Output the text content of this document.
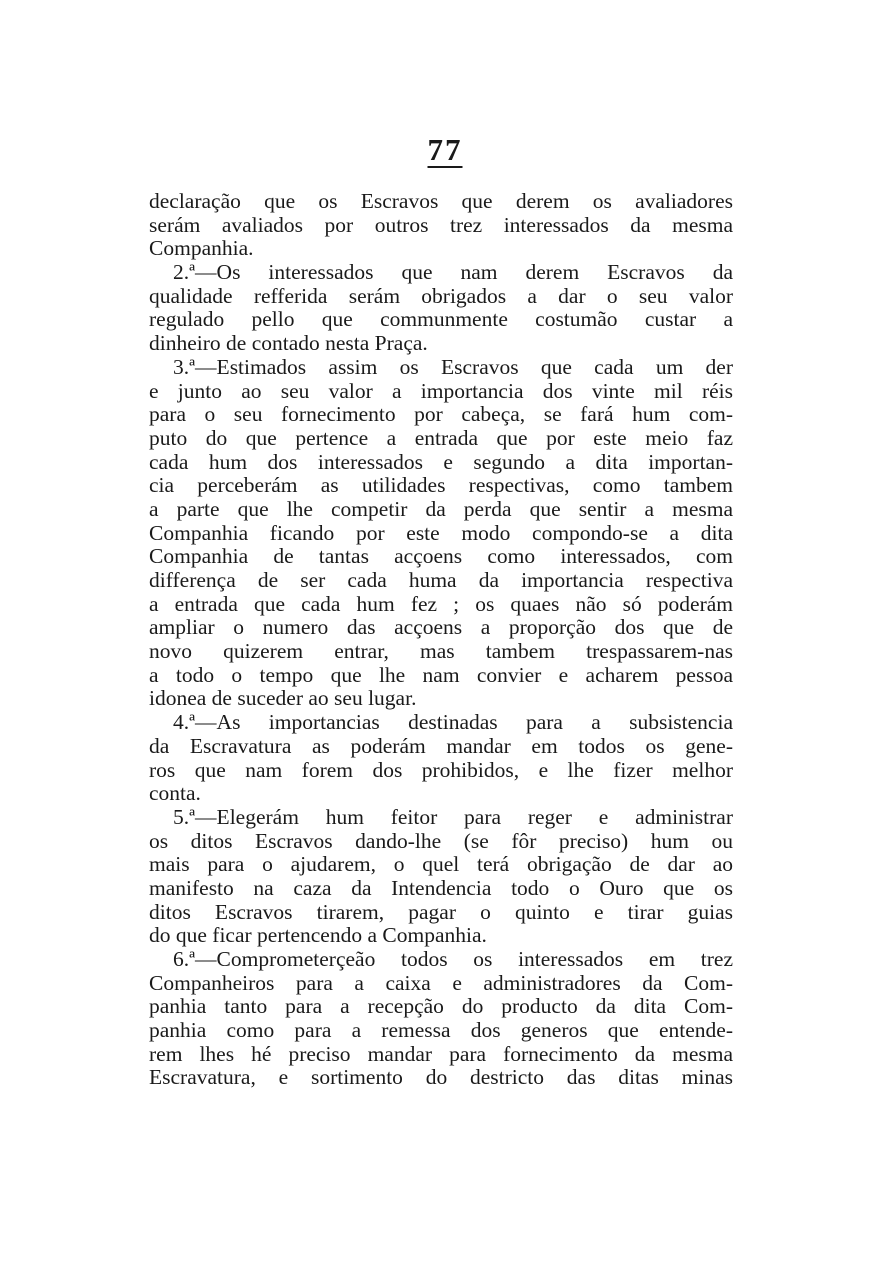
77
declaração que os Escravos que derem os avaliadores
serám avaliados por outros trez interessados da mesma
Companhia.
2.ª—Os interessados que nam derem Escravos da
qualidade refferida serám obrigados a dar o seu valor
regulado pello que communmente costumão custar a
dinheiro de contado nesta Praça.
3.ª—Estimados assim os Escravos que cada um der
e junto ao seu valor a importancia dos vinte mil réis
para o seu fornecimento por cabeça, se fará hum com-
puto do que pertence a entrada que por este meio faz
cada hum dos interessados e segundo a dita importan-
cia perceberám as utilidades respectivas, como tambem
a parte que lhe competir da perda que sentir a mesma
Companhia ficando por este modo compondo-se a dita
Companhia de tantas acçoens como interessados, com
differença de ser cada huma da importancia respectiva
a entrada que cada hum fez ; os quaes não só poderám
ampliar o numero das acçoens a proporção dos que de
novo quizerem entrar, mas tambem trespassarem-nas
a todo o tempo que lhe nam convier e acharem pessoa
idonea de suceder ao seu lugar.
4.ª—As importancias destinadas para a subsistencia
da Escravatura as poderám mandar em todos os gene-
ros que nam forem dos prohibidos, e lhe fizer melhor
conta.
5.ª—Elegerám hum feitor para reger e administrar
os ditos Escravos dando-lhe (se fôr preciso) hum ou
mais para o ajudarem, o quel terá obrigação de dar ao
manifesto na caza da Intendencia todo o Ouro que os
ditos Escravos tirarem, pagar o quinto e tirar guias
do que ficar pertencendo a Companhia.
6.ª—Comprometerçeão todos os interessados em trez
Companheiros para a caixa e administradores da Com-
panhia tanto para a recepção do producto da dita Com-
panhia como para a remessa dos generos que entende-
rem lhes hé preciso mandar para fornecimento da mesma
Escravatura, e sortimento do destricto das ditas minas
